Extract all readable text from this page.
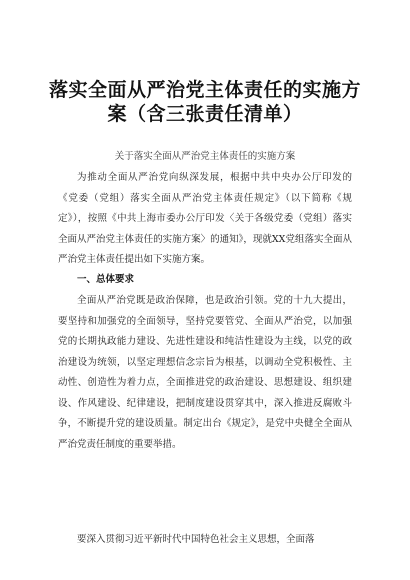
落实全面从严治党主体责任的实施方案（含三张责任清单）
关于落实全面从严治党主体责任的实施方案

为推动全面从严治党向纵深发展，根据中共中央办公厅印发的《党委（党组）落实全面从严治党主体责任规定》（以下简称《规定》），按照《中共上海市委办公厅印发〈关于各级党委（党组）落实全面从严治党主体责任的实施方案〉的通知》，现就XX党组落实全面从严治党主体责任提出如下实施方案。

一、总体要求

全面从严治党既是政治保障，也是政治引领。党的十九大提出，要坚持和加强党的全面领导，坚持党要管党、全面从严治党，以加强党的长期执政能力建设、先进性建设和纯洁性建设为主线，以党的政治建设为统领，以坚定理想信念宗旨为根基，以调动全党积极性、主动性、创造性为着力点，全面推进党的政治建设、思想建设、组织建设、作风建设、纪律建设，把制度建设贯穿其中，深入推进反腐败斗争，不断提升党的建设质量。制定出台《规定》，是党中央健全全面从严治党责任制度的重要举措。

要深入贯彻习近平新时代中国特色社会主义思想，全面落
